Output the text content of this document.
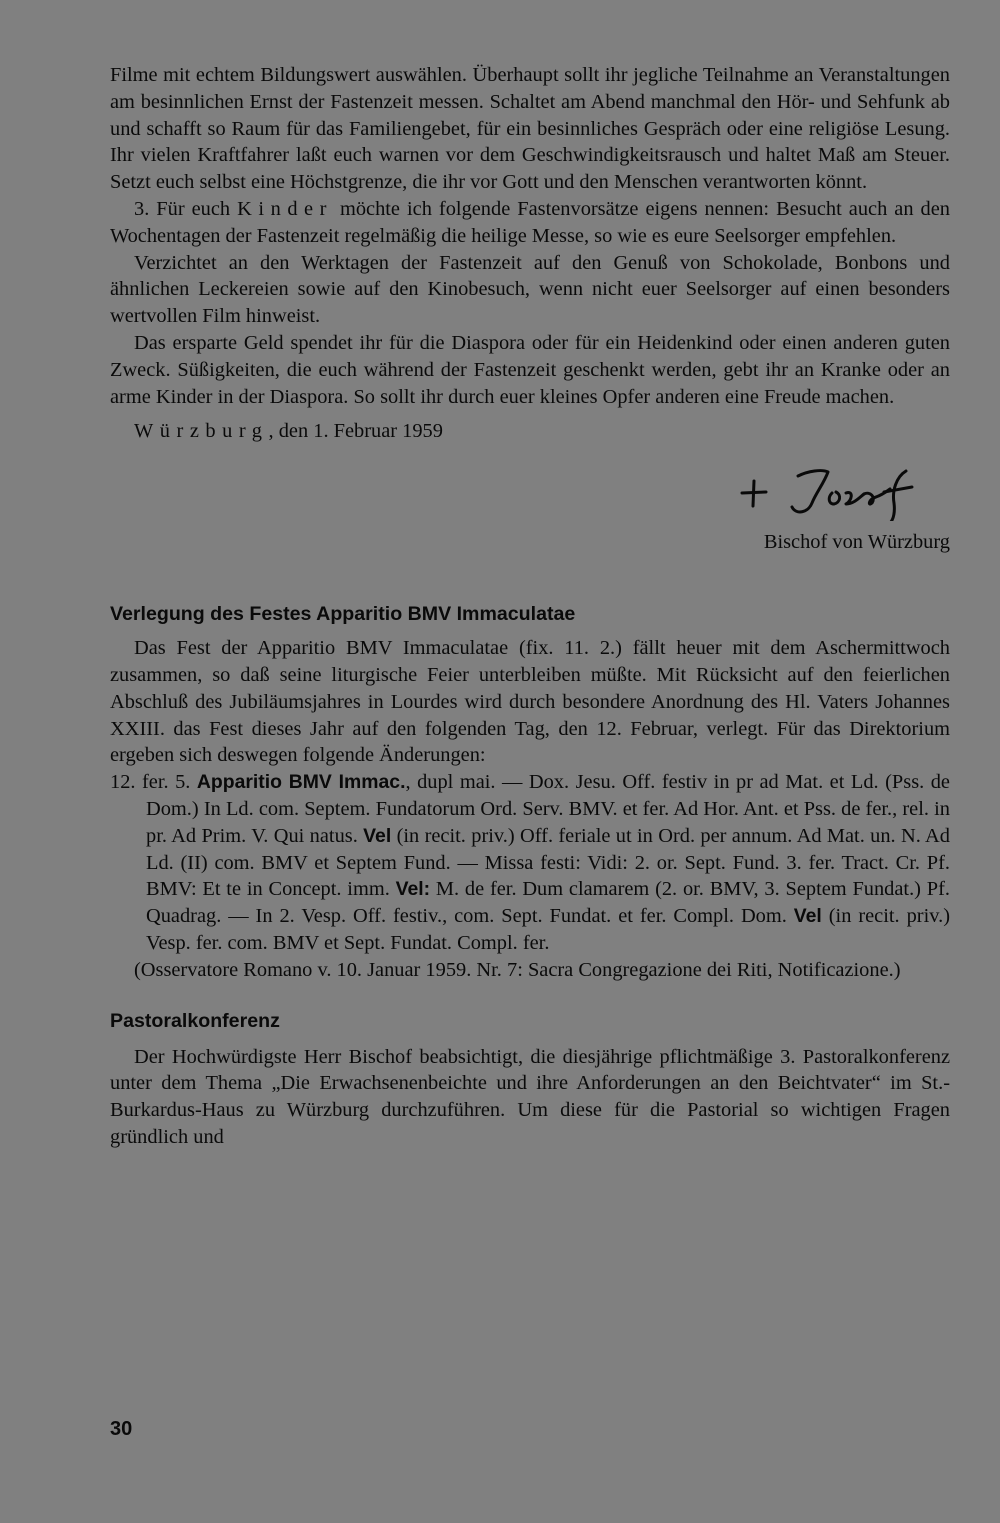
Filme mit echtem Bildungswert auswählen. Überhaupt sollt ihr jegliche Teilnahme an Veranstaltungen am besinnlichen Ernst der Fastenzeit messen. Schaltet am Abend manchmal den Hör- und Sehfunk ab und schafft so Raum für das Familiengebet, für ein besinnliches Gespräch oder eine religiöse Lesung. Ihr vielen Kraftfahrer laßt euch warnen vor dem Geschwindigkeitsrausch und haltet Maß am Steuer. Setzt euch selbst eine Höchstgrenze, die ihr vor Gott und den Menschen verantworten könnt.

3. Für euch Kinder möchte ich folgende Fastenvorsätze eigens nennen: Besucht auch an den Wochentagen der Fastenzeit regelmäßig die heilige Messe, so wie es eure Seelsorger empfehlen.

Verzichtet an den Werktagen der Fastenzeit auf den Genuß von Schokolade, Bonbons und ähnlichen Leckereien sowie auf den Kinobesuch, wenn nicht euer Seelsorger auf einen besonders wertvollen Film hinweist.

Das ersparte Geld spendet ihr für die Diaspora oder für ein Heidenkind oder einen anderen guten Zweck. Süßigkeiten, die euch während der Fastenzeit geschenkt werden, gebt ihr an Kranke oder an arme Kinder in der Diaspora. So sollt ihr durch euer kleines Opfer anderen eine Freude machen.

Würzburg, den 1. Februar 1959

Bischof von Würzburg
Verlegung des Festes Apparitio BMV Immaculatae

Das Fest der Apparitio BMV Immaculatae (fix. 11. 2.) fällt heuer mit dem Aschermittwoch zusammen, so daß seine liturgische Feier unterbleiben müßte. Mit Rücksicht auf den feierlichen Abschluß des Jubiläumsjahres in Lourdes wird durch besondere Anordnung des Hl. Vaters Johannes XXIII. das Fest dieses Jahr auf den folgenden Tag, den 12. Februar, verlegt. Für das Direktorium ergeben sich deswegen folgende Änderungen:

12. fer. 5. Apparitio BMV Immac., dupl mai. — Dox. Jesu. Off. festiv in pr ad Mat. et Ld. (Pss. de Dom.) In Ld. com. Septem. Fundatorum Ord. Serv. BMV. et fer. Ad Hor. Ant. et Pss. de fer., rel. in pr. Ad Prim. V. Qui natus. Vel (in recit. priv.) Off. feriale ut in Ord. per annum. Ad Mat. un. N. Ad Ld. (II) com. BMV et Septem Fund. — Missa festi: Vidi: 2. or. Sept. Fund. 3. fer. Tract. Cr. Pf. BMV: Et te in Concept. imm. Vel: M. de fer. Dum clamarem (2. or. BMV, 3. Septem Fundat.) Pf. Quadrag. — In 2. Vesp. Off. festiv., com. Sept. Fundat. et fer. Compl. Dom. Vel (in recit. priv.) Vesp. fer. com. BMV et Sept. Fundat. Compl. fer.

(Osservatore Romano v. 10. Januar 1959. Nr. 7: Sacra Congregazione dei Riti, Notificazione.)

Pastoralkonferenz

Der Hochwürdigste Herr Bischof beabsichtigt, die diesjährige pflichtmäßige 3. Pastoralkonferenz unter dem Thema „Die Erwachsenenbeichte und ihre Anforderungen an den Beichtvater“ im St.-Burkardus-Haus zu Würzburg durchzuführen. Um diese für die Pastorial so wichtigen Fragen gründlich und

30
